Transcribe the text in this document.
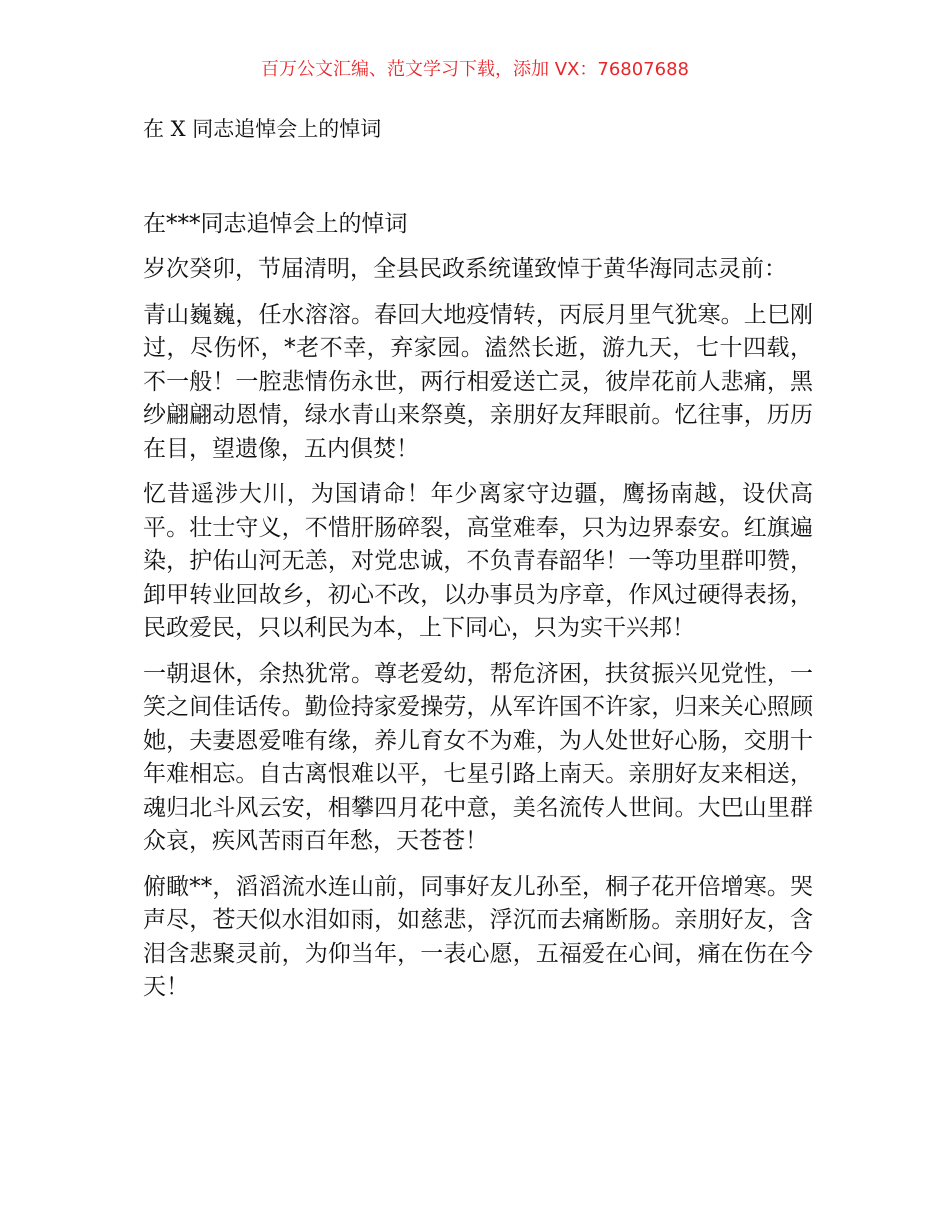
百万公文汇编、范文学习下载，添加 VX：76807688
在 X 同志追悼会上的悼词
在***同志追悼会上的悼词

岁次癸卯，节届清明，全县民政系统谨致悼于黄华海同志灵前：

青山巍巍，任水溶溶。春回大地疫情转，丙辰月里气犹寒。上巳刚过，尽伤怀，*老不幸，弃家园。溘然长逝，游九天，七十四载，不一般！一腔悲情伤永世，两行相爱送亡灵，彼岸花前人悲痛，黑纱翩翩动恩情，绿水青山来祭奠，亲朋好友拜眼前。忆往事，历历在目，望遗像，五内俱焚！

忆昔遥涉大川，为国请命！年少离家守边疆，鹰扬南越，设伏高平。壮士守义，不惜肝肠碎裂，高堂难奉，只为边界泰安。红旗遍染，护佑山河无恙，对党忠诚，不负青春韶华！一等功里群叩赞，卸甲转业回故乡，初心不改，以办事员为序章，作风过硬得表扬，民政爱民，只以利民为本，上下同心，只为实干兴邦！

一朝退休，余热犹常。尊老爱幼，帮危济困，扶贫振兴见党性，一笑之间佳话传。勤俭持家爱操劳，从军许国不许家，归来关心照顾她，夫妻恩爱唯有缘，养儿育女不为难，为人处世好心肠，交朋十年难相忘。自古离恨难以平，七星引路上南天。亲朋好友来相送，魂归北斗风云安，相攀四月花中意，美名流传人世间。大巴山里群众哀，疾风苦雨百年愁，天苍苍！

俯瞰**，滔滔流水连山前，同事好友儿孙至，桐子花开倍增寒。哭声尽，苍天似水泪如雨，如慈悲，浮沉而去痛断肠。亲朋好友，含泪含悲聚灵前，为仰当年，一表心愿，五福爱在心间，痛在伤在今天！
